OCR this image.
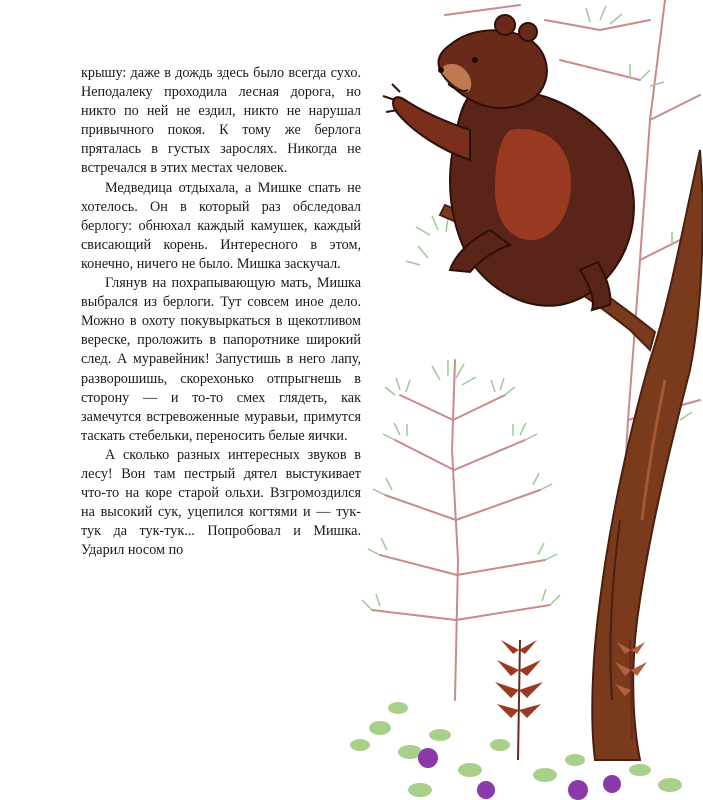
крышу: даже в дождь здесь было всегда сухо. Неподалеку проходила лесная дорога, но никто по ней не ездил, никто не нарушал привычного покоя. К тому же берлога пряталась в густых зарослях. Никогда не встречался в этих местах человек.

Медведица отдыхала, а Мишке спать не хотелось. Он в который раз обследовал берлогу: обнюхал каждый камушек, каждый свисающий корень. Интересного в этом, конечно, ничего не было. Мишка заскучал.

Глянув на похрапывающую мать, Мишка выбрался из берлоги. Тут совсем иное дело. Можно в охоту покувыркаться в щекотливом вереске, проложить в папоротнике широкий след. А муравейник! Запустишь в него лапу, разворошишь, скорехонько отпрыгнешь в сторону — и то-то смех глядеть, как замечутся встревоженные муравьи, примутся таскать стебельки, переносить белые яички.

А сколько разных интересных звуков в лесу! Вон там пестрый дятел выстукивает что-то на коре старой ольхи. Взгромоздился на высокий сук, уцепился когтями и — тук-тук да тук-тук... Попробовал и Мишка. Ударил носом по
